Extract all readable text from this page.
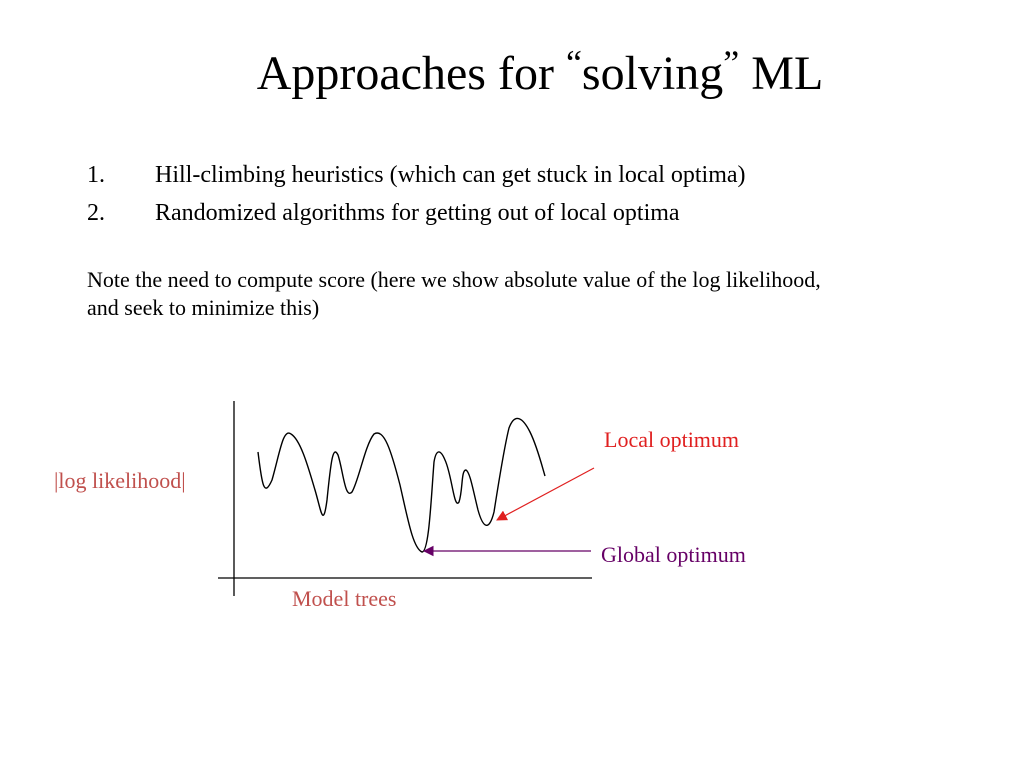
Approaches for “solving” ML
1. Hill-climbing heuristics (which can get stuck in local optima)
2. Randomized algorithms for getting out of local optima
Note the need to compute score (here we show absolute value of the log likelihood, and seek to minimize this)
|log likelihood|
Model trees
Local optimum
Global optimum
